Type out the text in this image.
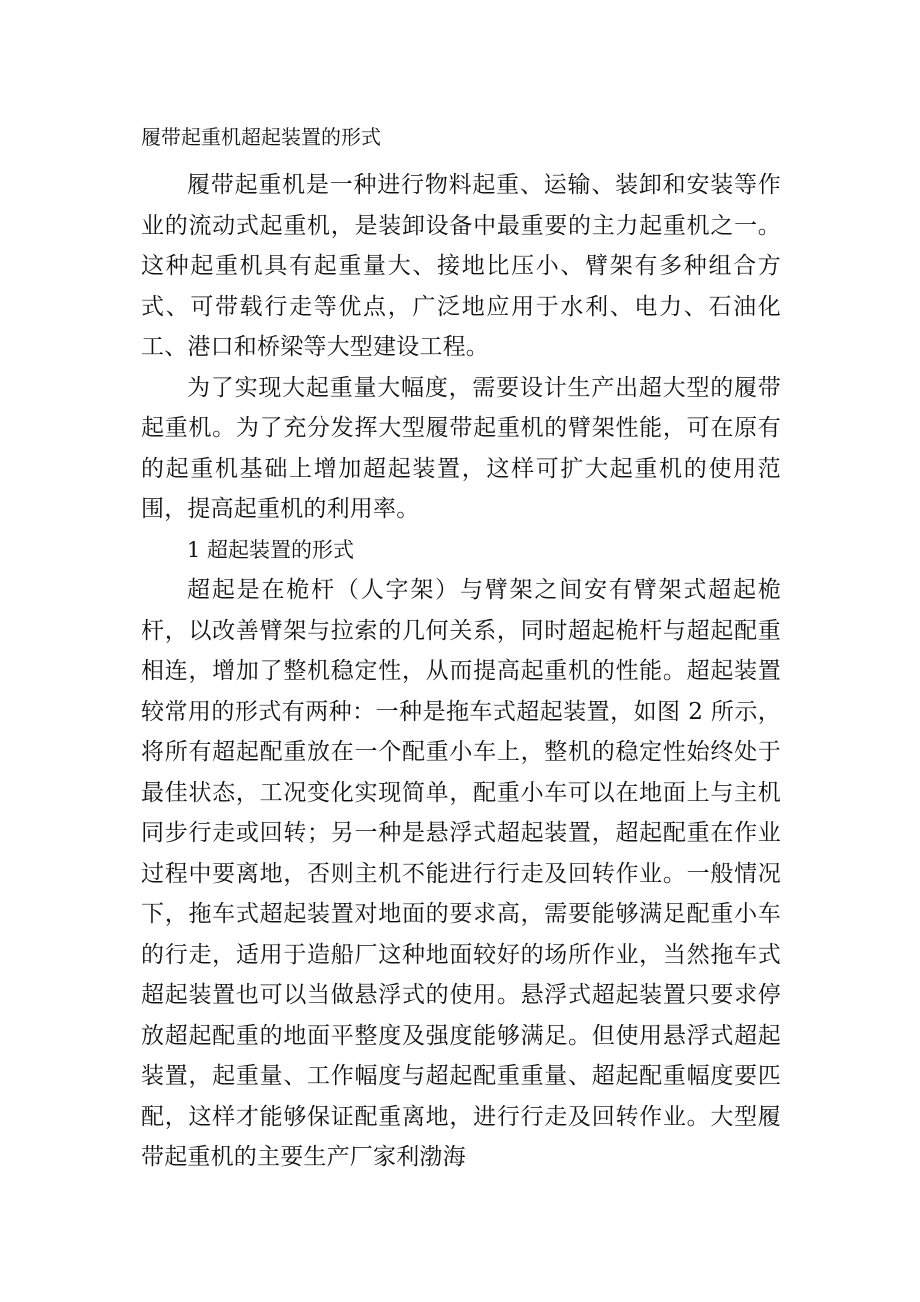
履带起重机超起装置的形式

履带起重机是一种进行物料起重、运输、装卸和安装等作业的流动式起重机，是装卸设备中最重要的主力起重机之一。这种起重机具有起重量大、接地比压小、臂架有多种组合方式、可带载行走等优点，广泛地应用于水利、电力、石油化工、港口和桥梁等大型建设工程。

为了实现大起重量大幅度，需要设计生产出超大型的履带起重机。为了充分发挥大型履带起重机的臂架性能，可在原有的起重机基础上增加超起装置，这样可扩大起重机的使用范围，提高起重机的利用率。

1 超起装置的形式

超起是在桅杆（人字架）与臂架之间安有臂架式超起桅杆，以改善臂架与拉索的几何关系，同时超起桅杆与超起配重相连，增加了整机稳定性，从而提高起重机的性能。超起装置较常用的形式有两种：一种是拖车式超起装置，如图 2 所示，将所有超起配重放在一个配重小车上，整机的稳定性始终处于最佳状态，工况变化实现简单，配重小车可以在地面上与主机同步行走或回转；另一种是悬浮式超起装置，超起配重在作业过程中要离地，否则主机不能进行行走及回转作业。一般情况下，拖车式超起装置对地面的要求高，需要能够满足配重小车的行走，适用于造船厂这种地面较好的场所作业，当然拖车式超起装置也可以当做悬浮式的使用。悬浮式超起装置只要求停放超起配重的地面平整度及强度能够满足。但使用悬浮式超起装置，起重量、工作幅度与超起配重重量、超起配重幅度要匹配，这样才能够保证配重离地，进行行走及回转作业。大型履带起重机的主要生产厂家利渤海
